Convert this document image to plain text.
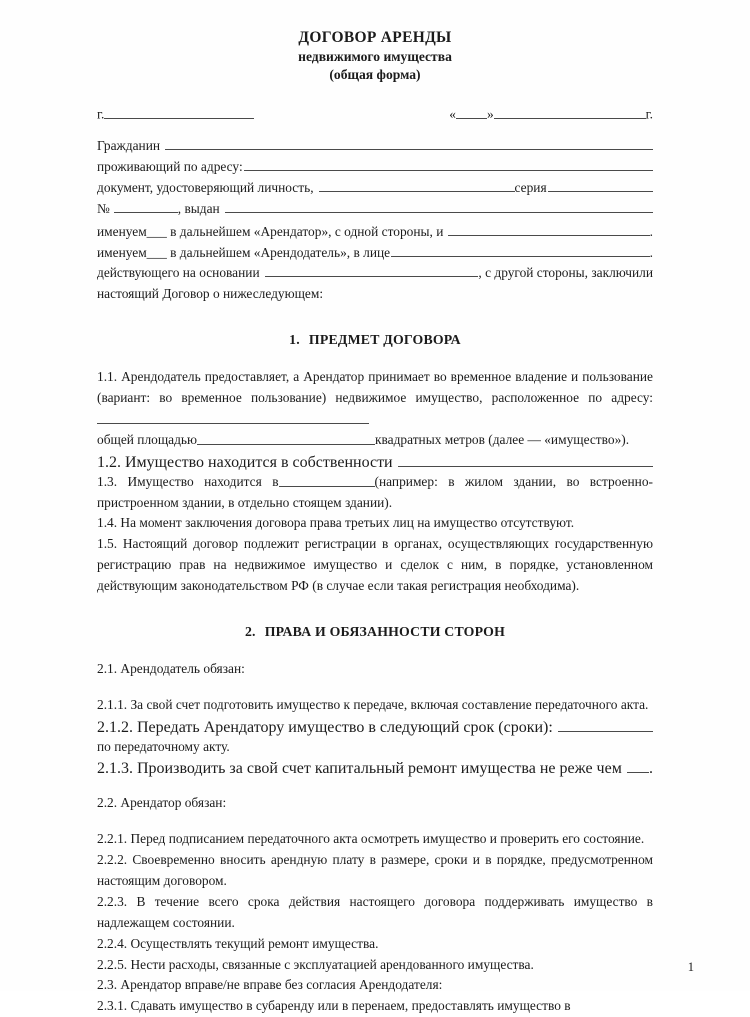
ДОГОВОР АРЕНДЫ
недвижимого имущества
(общая форма)
г.	« »	г.
Гражданин
проживающий по адресу:
документ, удостоверяющий личность,	серия
№	, выдан
именуем___ в дальнейшем «Арендатор», с одной стороны, и	.
именуем___ в дальнейшем «Арендодатель», в лице	.
действующего на основании	, с другой стороны, заключили

настоящий Договор о нижеследующем:

1. ПРЕДМЕТ ДОГОВОРА

1.1. Арендодатель предоставляет, а Арендатор принимает во временное владение и пользование (вариант: во временное пользование) недвижимое имущество, расположенное по адресу:

общей площадью	квадратных метров (далее — «имущество»).

1.2. Имущество находится в собственности

1.3. Имущество находится в	(например: в жилом здании, во встроенно-пристроенном здании, в отдельно стоящем здании).

1.4. На момент заключения договора права третьих лиц на имущество отсутствуют.

1.5. Настоящий договор подлежит регистрации в органах, осуществляющих государственную регистрацию прав на недвижимое имущество и сделок с ним, в порядке, установленном действующим законодательством РФ (в случае если такая регистрация необходима).

2. ПРАВА И ОБЯЗАННОСТИ СТОРОН

2.1. Арендодатель обязан:

2.1.1. За свой счет подготовить имущество к передаче, включая составление передаточного акта.

2.1.2. Передать Арендатору имущество в следующий срок (сроки):

по передаточному акту.

2.1.3. Производить за свой счет капитальный ремонт имущества не реже чем .

2.2. Арендатор обязан:

2.2.1. Перед подписанием передаточного акта осмотреть имущество и проверить его состояние.

2.2.2. Своевременно вносить арендную плату в размере, сроки и в порядке, предусмотренном настоящим договором.

2.2.3. В течение всего срока действия настоящего договора поддерживать имущество в надлежащем состоянии.

2.2.4. Осуществлять текущий ремонт имущества.

2.2.5. Нести расходы, связанные с эксплуатацией арендованного имущества.

2.3. Арендатор вправе/не вправе без согласия Арендодателя:

2.3.1. Сдавать имущество в субаренду или в перенаем, предоставлять имущество в

1
